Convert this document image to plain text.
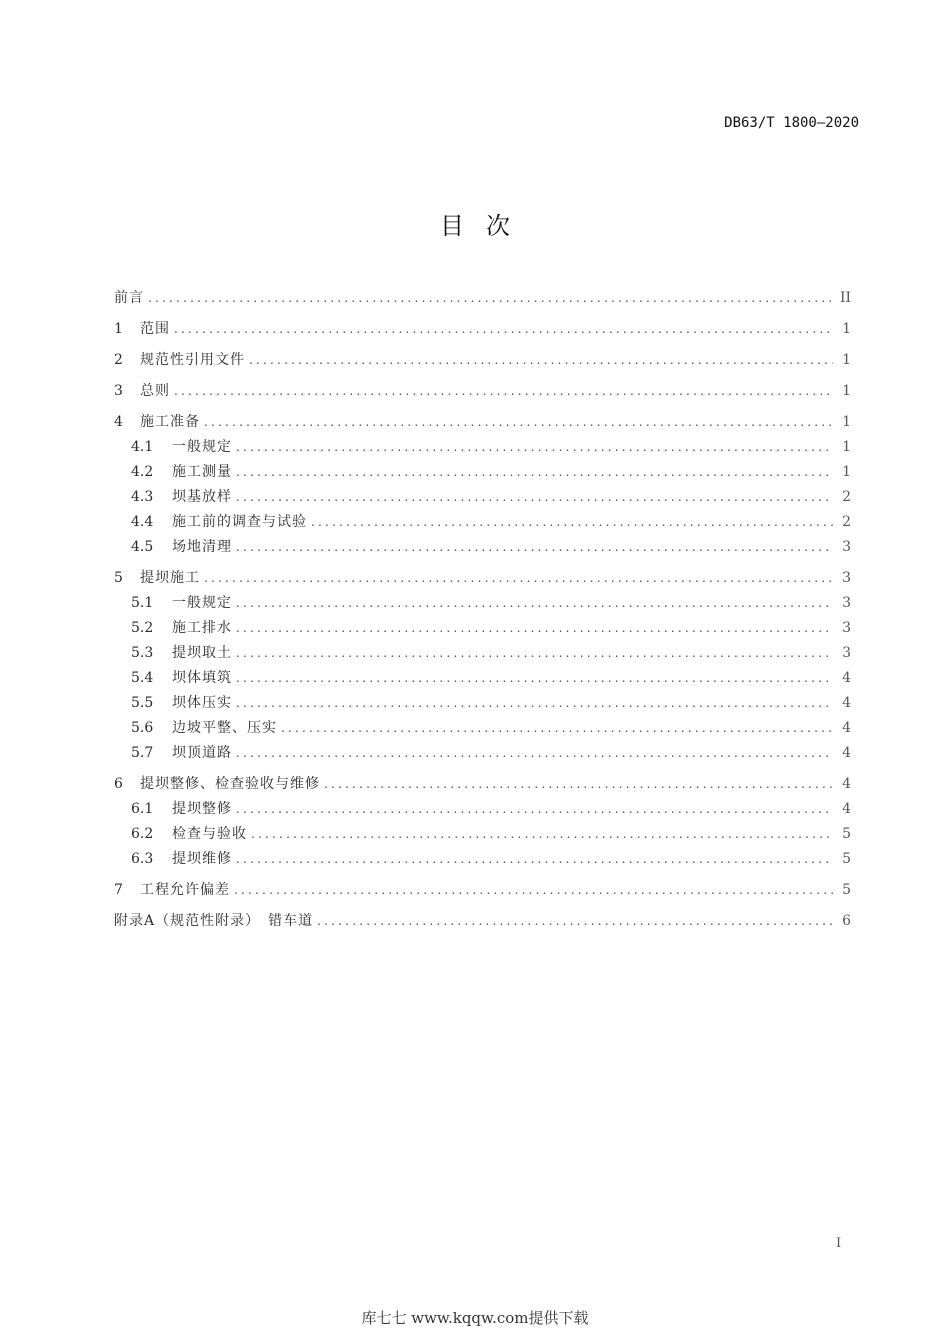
DB63/T 1800—2020
目次
前言 .....	II
1	范围 .....	1
2	规范性引用文件 .....	1
3	总则 .....	1
4	施工准备 .....	1
4.1	一般规定 .....	1
4.2	施工测量 .....	1
4.3	坝基放样 .....	2
4.4	施工前的调查与试验 .....	2
4.5	场地清理 .....	3
5	提坝施工 .....	3
5.1	一般规定 .....	3
5.2	施工排水 .....	3
5.3	提坝取土 .....	3
5.4	坝体填筑 .....	4
5.5	坝体压实 .....	4
5.6	边坡平整、压实 .....	4
5.7	坝顶道路 .....	4
6	提坝整修、检查验收与维修 .....	4
6.1	提坝整修 .....	4
6.2	检查与验收 .....	5
6.3	提坝维修 .....	5
7	工程允许偏差 .....	5
附录A（规范性附录）　错车道 .....	6
I
库七七 www.kqqw.com提供下载
